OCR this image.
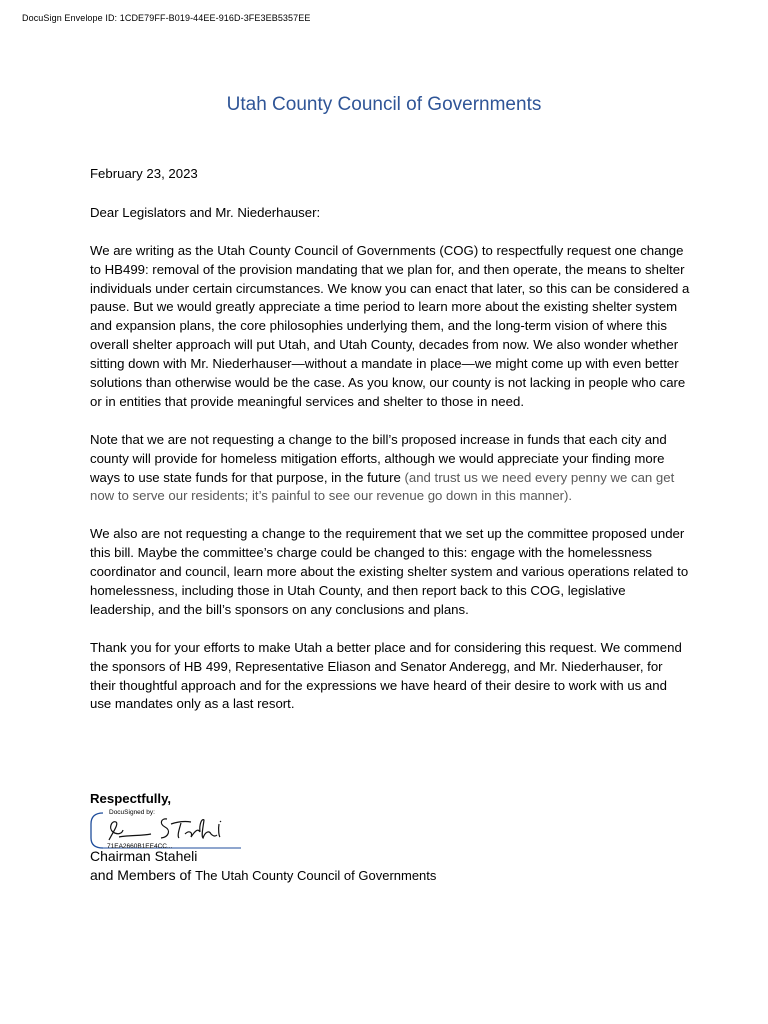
DocuSign Envelope ID: 1CDE79FF-B019-44EE-916D-3FE3EB5357EE
Utah County Council of Governments

February 23, 2023

Dear Legislators and Mr. Niederhauser:

We are writing as the Utah County Council of Governments (COG) to respectfully request one change to HB499: removal of the provision mandating that we plan for, and then operate, the means to shelter individuals under certain circumstances. We know you can enact that later, so this can be considered a pause. But we would greatly appreciate a time period to learn more about the existing shelter system and expansion plans, the core philosophies underlying them, and the long-term vision of where this overall shelter approach will put Utah, and Utah County, decades from now. We also wonder whether sitting down with Mr. Niederhauser—without a mandate in place—we might come up with even better solutions than otherwise would be the case. As you know, our county is not lacking in people who care or in entities that provide meaningful services and shelter to those in need.

Note that we are not requesting a change to the bill’s proposed increase in funds that each city and county will provide for homeless mitigation efforts, although we would appreciate your finding more ways to use state funds for that purpose, in the future (and trust us we need every penny we can get now to serve our residents; it’s painful to see our revenue go down in this manner).

We also are not requesting a change to the requirement that we set up the committee proposed under this bill. Maybe the committee’s charge could be changed to this: engage with the homelessness coordinator and council, learn more about the existing shelter system and various operations related to homelessness, including those in Utah County, and then report back to this COG, legislative leadership, and the bill’s sponsors on any conclusions and plans.

Thank you for your efforts to make Utah a better place and for considering this request. We commend the sponsors of HB 499, Representative Eliason and Senator Anderegg, and Mr. Niederhauser, for their thoughtful approach and for the expressions we have heard of their desire to work with us and use mandates only as a last resort.

Respectfully,
DocuSigned by:
71EA2660B1EE4CC...
Chairman Staheli
and Members of The Utah County Council of Governments
